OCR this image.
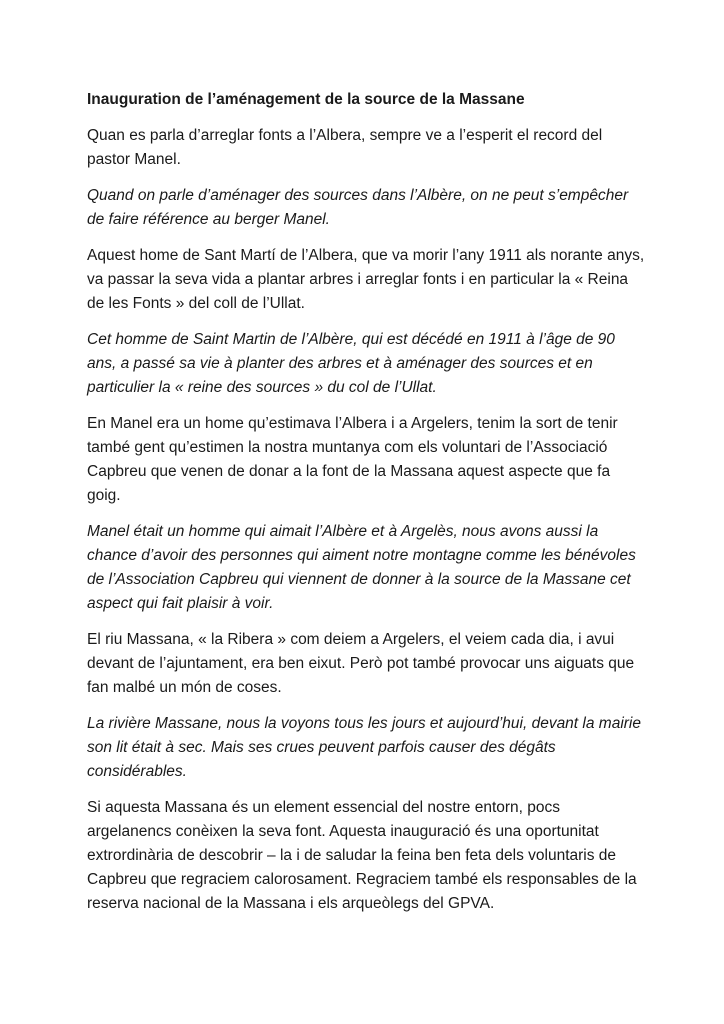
Inauguration de l’aménagement de la source de la Massane

Quan es parla d’arreglar fonts a l’Albera, sempre ve a l’esperit el record del pastor Manel.

Quand on parle d’aménager des sources dans l’Albère, on ne peut s’empêcher de faire référence au berger Manel.

Aquest home de Sant Martí de l’Albera, que va morir l’any 1911 als norante anys, va passar la seva vida a plantar arbres i arreglar fonts i en particular la « Reina de les Fonts » del coll de l’Ullat.

Cet homme de Saint Martin de l’Albère, qui est décédé en 1911 à l’âge de 90 ans, a passé sa vie à planter des arbres et à aménager des sources et en particulier la « reine des sources » du col de l’Ullat.

En Manel era un home qu’estimava l’Albera i a Argelers, tenim la sort de tenir també gent qu’estimen la nostra muntanya com els voluntari de l’Associació Capbreu que venen de donar a la font de la Massana aquest aspecte que fa goig.

Manel était un homme qui aimait l’Albère et à Argelès, nous avons aussi la chance d’avoir des personnes qui aiment notre montagne comme les bénévoles de l’Association Capbreu qui viennent de donner à la source de la Massane cet aspect qui fait plaisir à voir.

El riu Massana, « la Ribera » com deiem a Argelers, el veiem cada dia, i avui devant de l’ajuntament, era ben eixut. Però pot també provocar uns aiguats que fan malbé un món de coses.

La rivière Massane, nous la voyons tous les jours et aujourd’hui, devant la mairie son lit était à sec. Mais ses crues peuvent parfois causer des dégâts considérables.

Si aquesta Massana és un element essencial del nostre entorn, pocs argelanencs conèixen la seva font. Aquesta inauguració és una oportunitat extrordinària de descobrir – la i de saludar la feina ben feta dels voluntaris de Capbreu que regraciem calorosament. Regraciem també els responsables de la reserva nacional de la Massana i els arqueòlegs del GPVA.
